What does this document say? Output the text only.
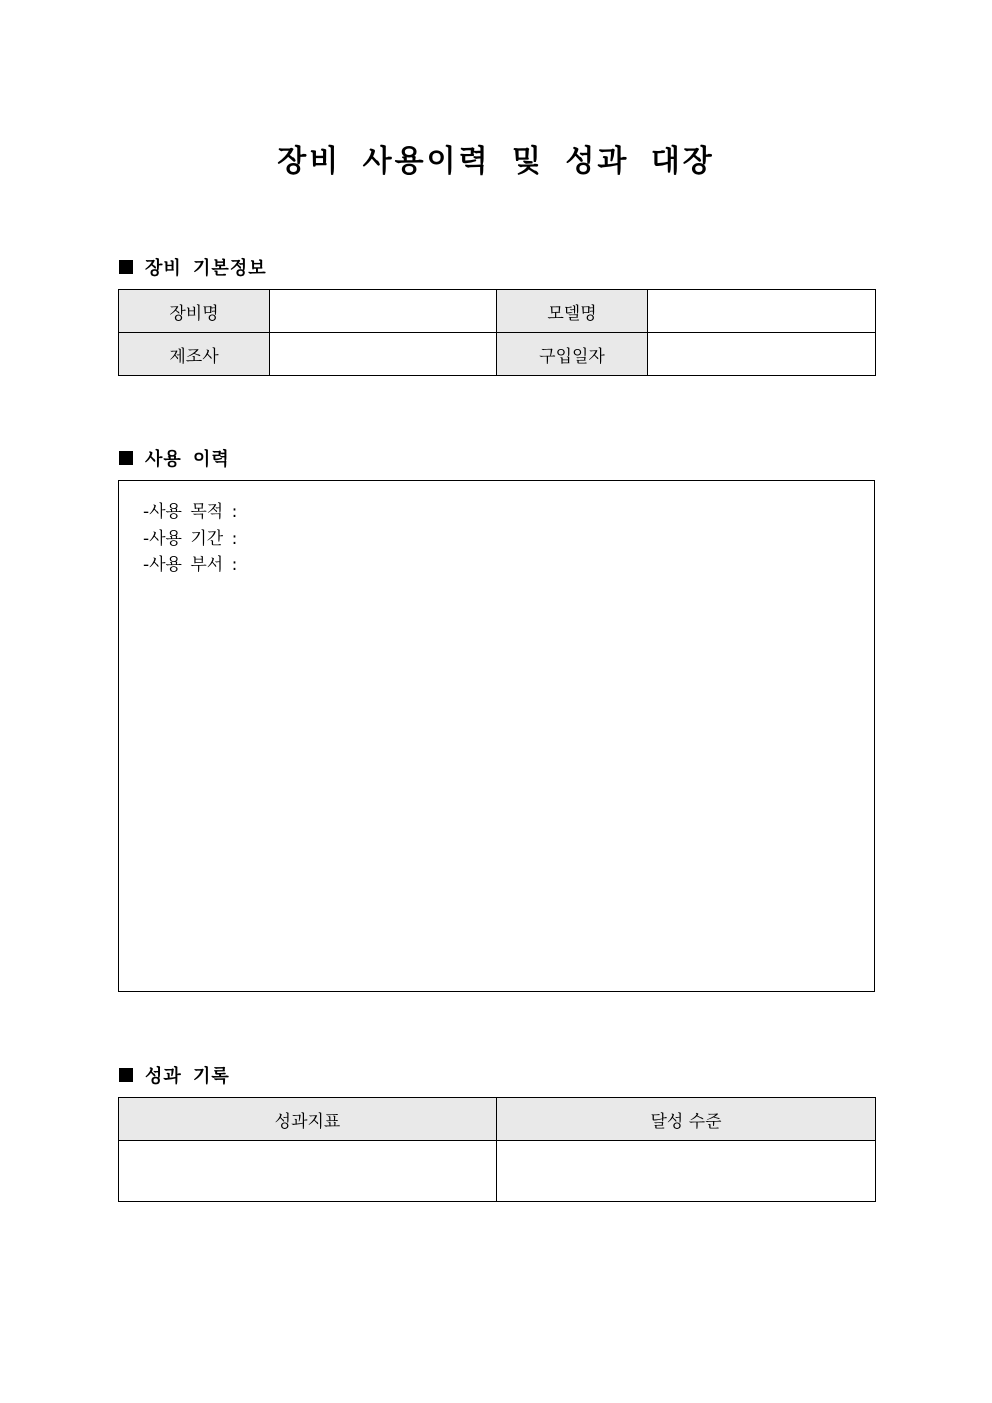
장비 사용이력 및 성과 대장
장비 기본정보
장비명		모델명	
제조사		구입일자	
사용 이력
-사용 목적 :
-사용 기간 :
-사용 부서 :
성과 기록
성과지표	달성 수준
